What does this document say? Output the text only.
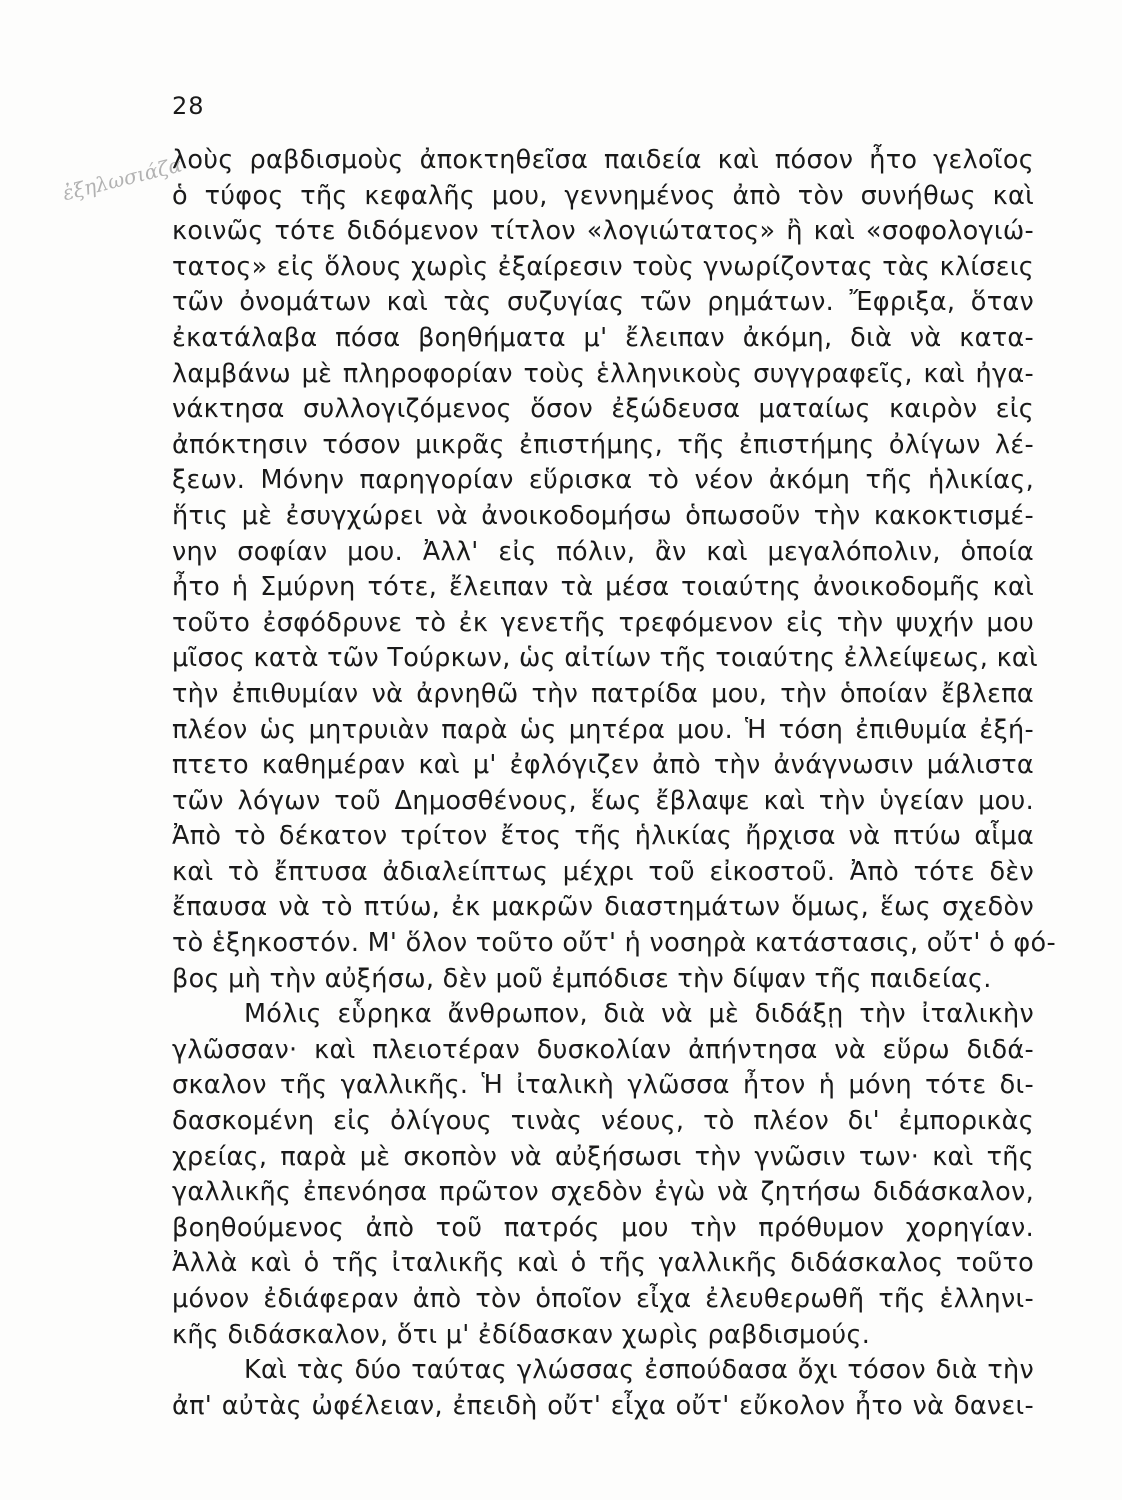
28
ἐξηλωσιάζα
λοὺς ραβδισμοὺς ἀποκτηθεῖσα παιδεία καὶ πόσον ἦτο γελοῖος
ὁ τύφος τῆς κεφαλῆς μου, γεννημένος ἀπὸ τὸν συνήθως καὶ
κοινῶς τότε διδόμενον τίτλον «λογιώτατος» ἢ καὶ «σοφολογιώ-
τατος» εἰς ὅλους χωρὶς ἐξαίρεσιν τοὺς γνωρίζοντας τὰς κλίσεις
τῶν ὀνομάτων καὶ τὰς συζυγίας τῶν ρημάτων. Ἔφριξα, ὅταν
ἐκατάλαβα πόσα βοηθήματα μ' ἔλειπαν ἀκόμη, διὰ νὰ κατα-
λαμβάνω μὲ πληροφορίαν τοὺς ἑλληνικοὺς συγγραφεῖς, καὶ ἠγα-
νάκτησα συλλογιζόμενος ὅσον ἐξώδευσα ματαίως καιρὸν εἰς
ἀπόκτησιν τόσον μικρᾶς ἐπιστήμης, τῆς ἐπιστήμης ὀλίγων λέ-
ξεων. Μόνην παρηγορίαν εὕρισκα τὸ νέον ἀκόμη τῆς ἡλικίας,
ἥτις μὲ ἐσυγχώρει νὰ ἀνοικοδομήσω ὁπωσοῦν τὴν κακοκτισμέ-
νην σοφίαν μου. Ἀλλ' εἰς πόλιν, ἂν καὶ μεγαλόπολιν, ὁποία
ἦτο ἡ Σμύρνη τότε, ἔλειπαν τὰ μέσα τοιαύτης ἀνοικοδομῆς καὶ
τοῦτο ἐσφόδρυνε τὸ ἐκ γενετῆς τρεφόμενον εἰς τὴν ψυχήν μου
μῖσος κατὰ τῶν Τούρκων, ὡς αἰτίων τῆς τοιαύτης ἐλλείψεως, καὶ
τὴν ἐπιθυμίαν νὰ ἀρνηθῶ τὴν πατρίδα μου, τὴν ὁποίαν ἔβλεπα
πλέον ὡς μητρυιὰν παρὰ ὡς μητέρα μου. Ἡ τόση ἐπιθυμία ἐξή-
πτετο καθημέραν καὶ μ' ἐφλόγιζεν ἀπὸ τὴν ἀνάγνωσιν μάλιστα
τῶν λόγων τοῦ Δημοσθένους, ἕως ἔβλαψε καὶ τὴν ὑγείαν μου.
Ἀπὸ τὸ δέκατον τρίτον ἔτος τῆς ἡλικίας ἤρχισα νὰ πτύω αἷμα
καὶ τὸ ἔπτυσα ἀδιαλείπτως μέχρι τοῦ εἰκοστοῦ. Ἀπὸ τότε δὲν
ἔπαυσα νὰ τὸ πτύω, ἐκ μακρῶν διαστημάτων ὅμως, ἕως σχεδὸν
τὸ ἑξηκοστόν. Μ' ὅλον τοῦτο οὔτ' ἡ νοσηρὰ κατάστασις, οὔτ' ὁ φό-
βος μὴ τὴν αὐξήσω, δὲν μοῦ ἐμπόδισε τὴν δίψαν τῆς παιδείας.
Μόλις εὗρηκα ἄνθρωπον, διὰ νὰ μὲ διδάξῃ τὴν ἰταλικὴν
γλῶσσαν· καὶ πλειοτέραν δυσκολίαν ἀπήντησα νὰ εὕρω διδά-
σκαλον τῆς γαλλικῆς. Ἡ ἰταλικὴ γλῶσσα ἦτον ἡ μόνη τότε δι-
δασκομένη εἰς ὀλίγους τινὰς νέους, τὸ πλέον δι' ἐμπορικὰς
χρείας, παρὰ μὲ σκοπὸν νὰ αὐξήσωσι τὴν γνῶσιν των· καὶ τῆς
γαλλικῆς ἐπενόησα πρῶτον σχεδὸν ἐγὼ νὰ ζητήσω διδάσκαλον,
βοηθούμενος ἀπὸ τοῦ πατρός μου τὴν πρόθυμον χορηγίαν.
Ἀλλὰ καὶ ὁ τῆς ἰταλικῆς καὶ ὁ τῆς γαλλικῆς διδάσκαλος τοῦτο
μόνον ἐδιάφεραν ἀπὸ τὸν ὁποῖον εἶχα ἐλευθερωθῆ τῆς ἑλληνι-
κῆς διδάσκαλον, ὅτι μ' ἐδίδασκαν χωρὶς ραβδισμούς.
Καὶ τὰς δύο ταύτας γλώσσας ἐσπούδασα ὄχι τόσον διὰ τὴν
ἀπ' αὐτὰς ὠφέλειαν, ἐπειδὴ οὔτ' εἶχα οὔτ' εὔκολον ἦτο νὰ δανει-
